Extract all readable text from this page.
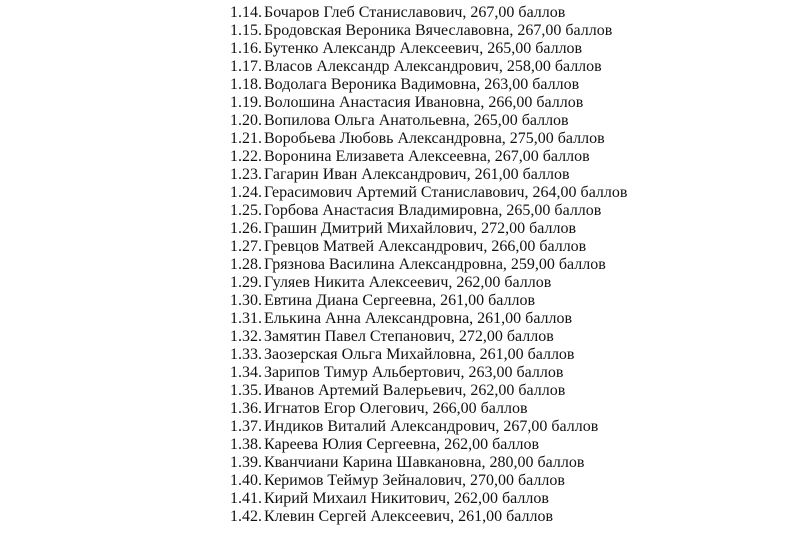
1.14. Бочаров Глеб Станиславович, 267,00 баллов
1.15. Бродовская Вероника Вячеславовна, 267,00 баллов
1.16. Бутенко Александр Алексеевич, 265,00 баллов
1.17. Власов Александр Александрович, 258,00 баллов
1.18. Водолага Вероника Вадимовна, 263,00 баллов
1.19. Волошина Анастасия Ивановна, 266,00 баллов
1.20. Вопилова Ольга Анатольевна, 265,00 баллов
1.21. Воробьева Любовь Александровна, 275,00 баллов
1.22. Воронина Елизавета Алексеевна, 267,00 баллов
1.23. Гагарин Иван Александрович, 261,00 баллов
1.24. Герасимович Артемий Станиславович, 264,00 баллов
1.25. Горбова Анастасия Владимировна, 265,00 баллов
1.26. Грашин Дмитрий Михайлович, 272,00 баллов
1.27. Гревцов Матвей Александрович, 266,00 баллов
1.28. Грязнова Василина Александровна, 259,00 баллов
1.29. Гуляев Никита Алексеевич, 262,00 баллов
1.30. Евтина Диана Сергеевна, 261,00 баллов
1.31. Елькина Анна Александровна, 261,00 баллов
1.32. Замятин Павел Степанович, 272,00 баллов
1.33. Заозерская Ольга Михайловна, 261,00 баллов
1.34. Зарипов Тимур Альбертович, 263,00 баллов
1.35. Иванов Артемий Валерьевич, 262,00 баллов
1.36. Игнатов Егор Олегович, 266,00 баллов
1.37. Индиков Виталий Александрович, 267,00 баллов
1.38. Кареева Юлия Сергеевна, 262,00 баллов
1.39. Кванчиани Карина Шавкановна, 280,00 баллов
1.40. Керимов Теймур Зейналович, 270,00 баллов
1.41. Кирий Михаил Никитович, 262,00 баллов
1.42. Клевин Сергей Алексеевич, 261,00 баллов
